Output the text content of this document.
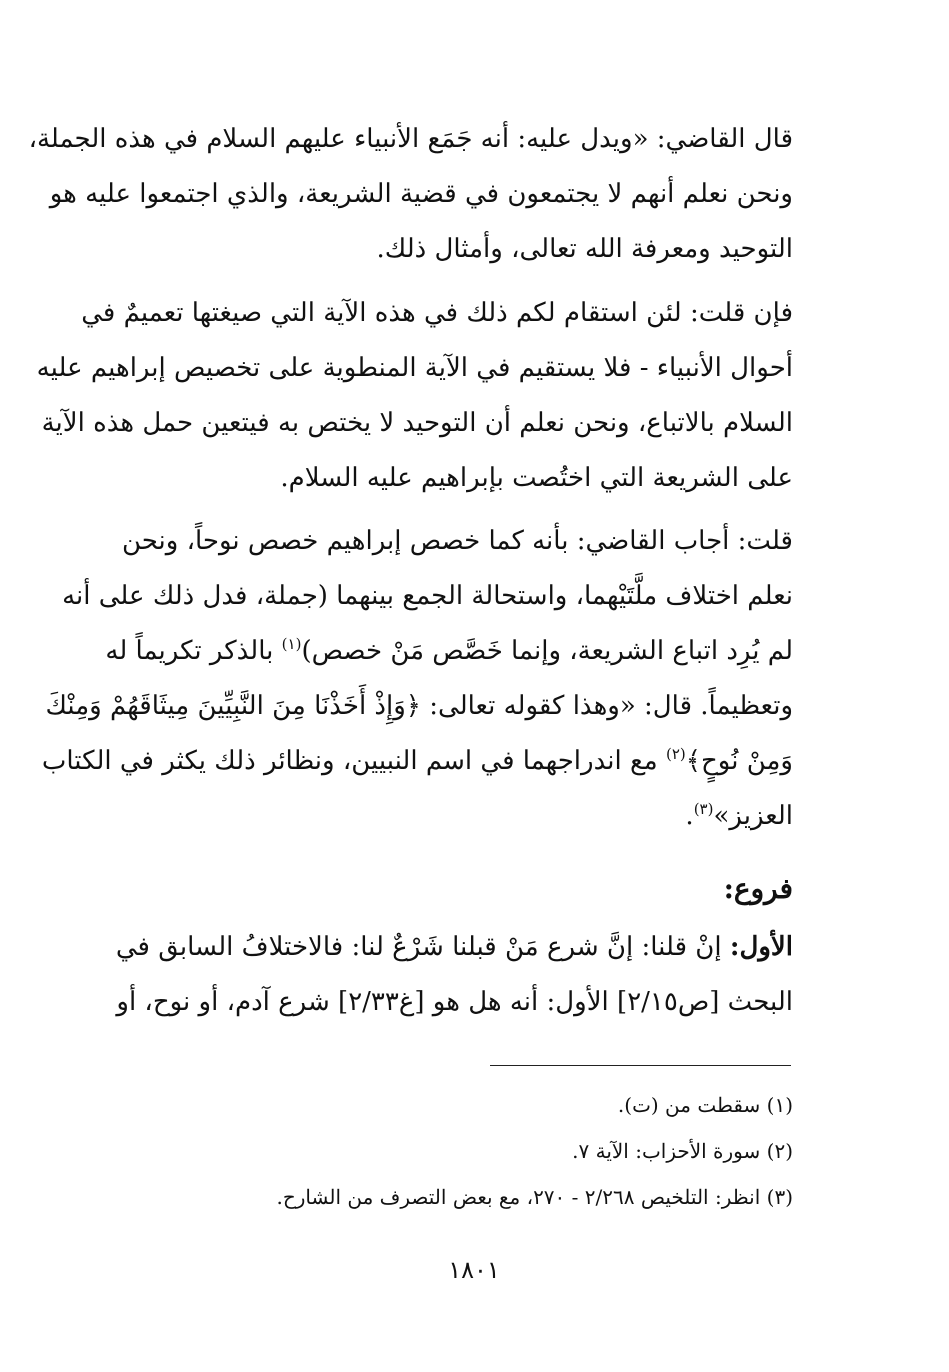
قال القاضي: «ويدل عليه: أنه جَمَع الأنبياء عليهم السلام في هذه الجملة،
ونحن نعلم أنهم لا يجتمعون في قضية الشريعة، والذي اجتمعوا عليه هو
التوحيد ومعرفة الله تعالى، وأمثال ذلك.
فإن قلت: لئن استقام لكم ذلك في هذه الآية التي صيغتها تعميمٌ في
أحوال الأنبياء - فلا يستقيم في الآية المنطوية على تخصيص إبراهيم عليه
السلام بالاتباع، ونحن نعلم أن التوحيد لا يختص به فيتعين حمل هذه الآية
على الشريعة التي اختُصت بإبراهيم عليه السلام.
قلت: أجاب القاضي: بأنه كما خصص إبراهيم خصص نوحاً، ونحن
نعلم اختلاف ملَّتَيْهما، واستحالة الجمع بينهما (جملة، فدل ذلك على أنه
لم يُرِد اتباع الشريعة، وإنما خَصَّص مَنْ خصص)$^{(١)}$ بالذكر تكريماً له
وتعظيماً. قال: «وهذا كقوله تعالى: ﴿وَإِذْ أَخَذْنَا مِنَ النَّبِيِّينَ مِيثَاقَهُمْ وَمِنْكَ
وَمِنْ نُوحٍ﴾$^{(٢)}$ مع اندراجهما في اسم النبيين، ونظائر ذلك يكثر في الكتاب
العزيز»$^{(٣)}$.
فروع:
الأول: إنْ قلنا: إنَّ شرع مَنْ قبلنا شَرْعٌ لنا: فالاختلافُ السابق في
البحث [ص٢/١٥] الأول: أنه هل هو [غ٢/٣٣] شرع آدم، أو نوح، أو
(١) سقطت من (ت).
(٢) سورة الأحزاب: الآية ٧.
(٣) انظر: التلخيص ٢/٢٦٨ - ٢٧٠، مع بعض التصرف من الشارح.
١٨٠١
